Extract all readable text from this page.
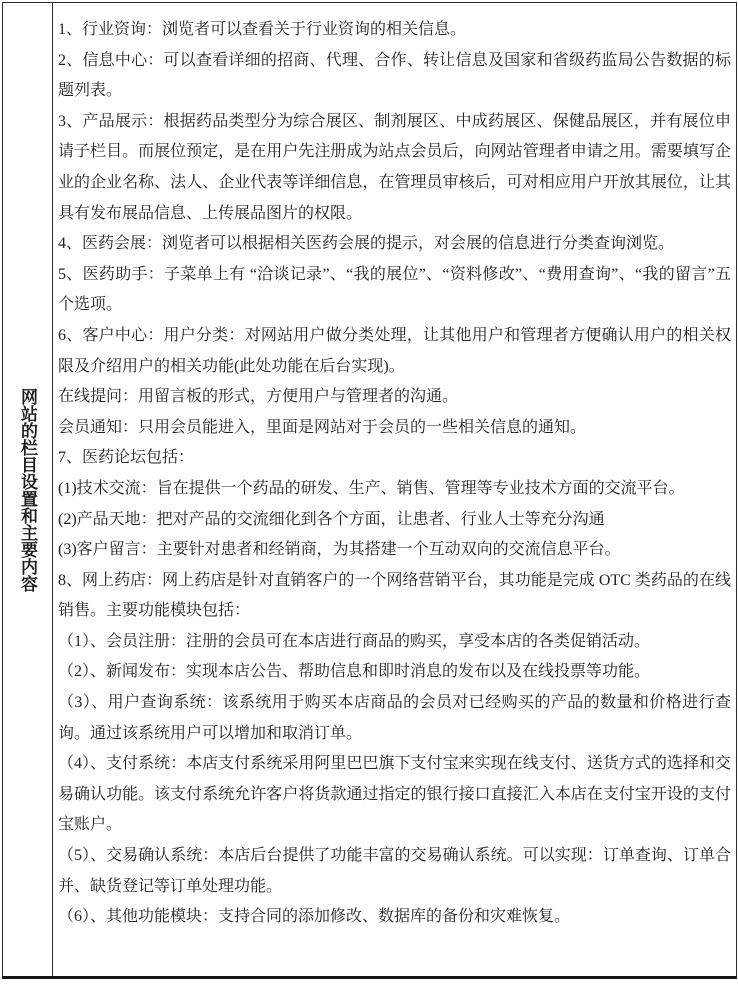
网站的栏目设置和主要内容

1、行业资询：浏览者可以查看关于行业资询的相关信息。

2、信息中心：可以查看详细的招商、代理、合作、转让信息及国家和省级药监局公告数据的标题列表。

3、产品展示：根据药品类型分为综合展区、制剂展区、中成药展区、保健品展区，并有展位申请子栏目。而展位预定，是在用户先注册成为站点会员后，向网站管理者申请之用。需要填写企业的企业名称、法人、企业代表等详细信息，在管理员审核后，可对相应用户开放其展位，让其具有发布展品信息、上传展品图片的权限。

4、医药会展：浏览者可以根据相关医药会展的提示，对会展的信息进行分类查询浏览。

5、医药助手：子菜单上有 “洽谈记录”、“我的展位”、“资料修改”、“费用查询”、“我的留言”五个选项。

6、客户中心：用户分类：对网站用户做分类处理，让其他用户和管理者方便确认用户的相关权限及介绍用户的相关功能(此处功能在后台实现)。

在线提问：用留言板的形式，方便用户与管理者的沟通。

会员通知：只用会员能进入，里面是网站对于会员的一些相关信息的通知。

7、医药论坛包括：

(1)技术交流：旨在提供一个药品的研发、生产、销售、管理等专业技术方面的交流平台。

(2)产品天地：把对产品的交流细化到各个方面，让患者、行业人士等充分沟通

(3)客户留言：主要针对患者和经销商，为其搭建一个互动双向的交流信息平台。

8、网上药店：网上药店是针对直销客户的一个网络营销平台，其功能是完成 OTC 类药品的在线销售。主要功能模块包括：

（1）、会员注册：注册的会员可在本店进行商品的购买，享受本店的各类促销活动。

（2）、新闻发布：实现本店公告、帮助信息和即时消息的发布以及在线投票等功能。

（3）、用户查询系统：该系统用于购买本店商品的会员对已经购买的产品的数量和价格进行查询。通过该系统用户可以增加和取消订单。

（4）、支付系统：本店支付系统采用阿里巴巴旗下支付宝来实现在线支付、送货方式的选择和交易确认功能。该支付系统允许客户将货款通过指定的银行接口直接汇入本店在支付宝开设的支付宝账户。

（5）、交易确认系统：本店后台提供了功能丰富的交易确认系统。可以实现：订单查询、订单合并、缺货登记等订单处理功能。

（6）、其他功能模块：支持合同的添加修改、数据库的备份和灾难恢复。
